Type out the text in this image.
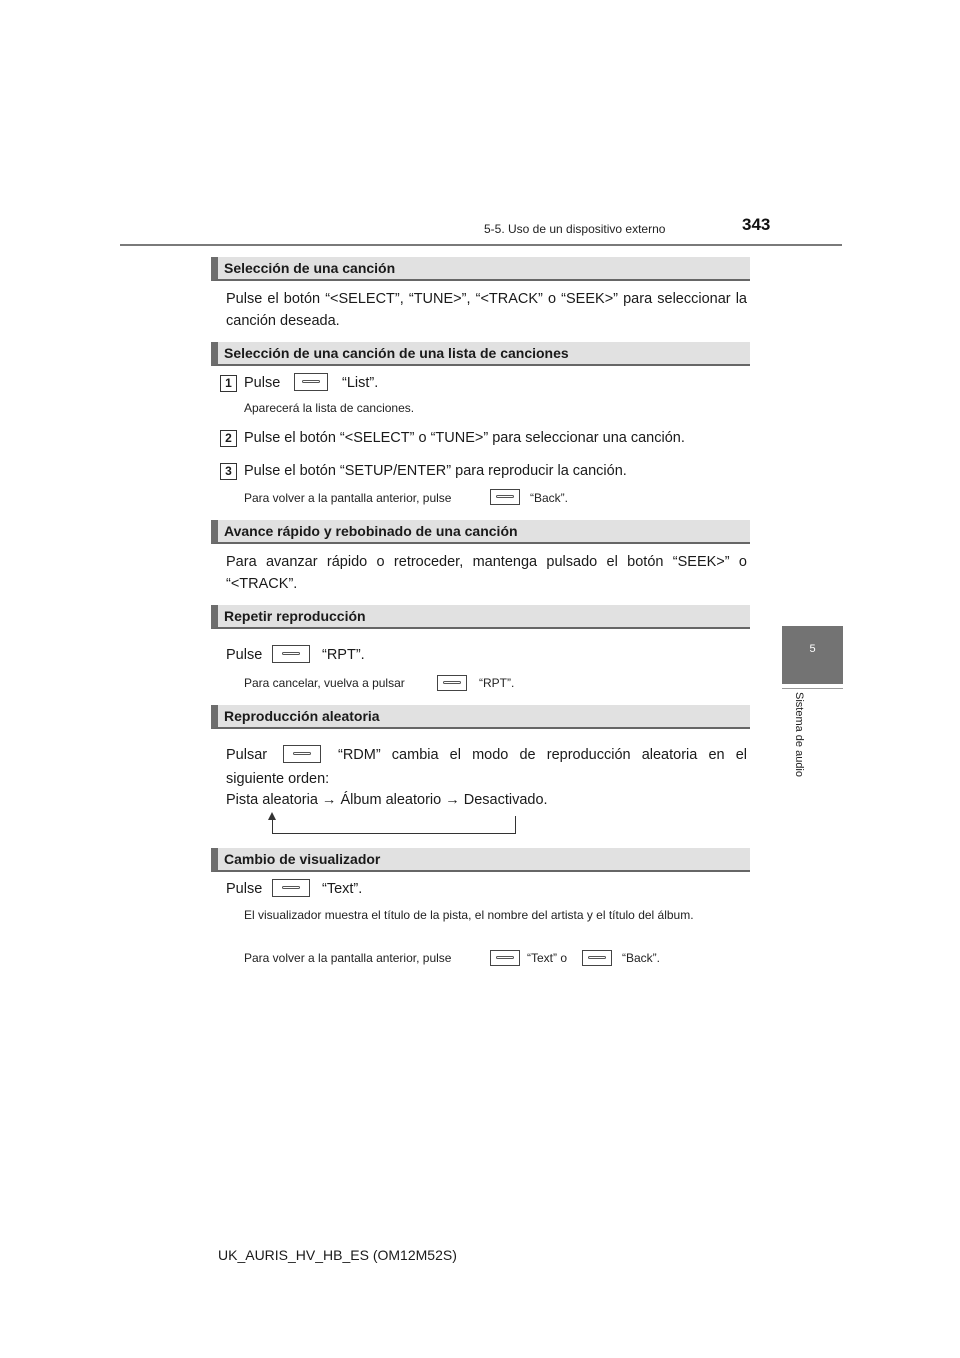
5-5. Uso de un dispositivo externo	343
5
Sistema de audio
Selección de una canción
Pulse el botón “<SELECT”, “TUNE>”, “<TRACK” o “SEEK>” para seleccionar la canción deseada.
Selección de una canción de una lista de canciones
1 Pulse	“List”.
Aparecerá la lista de canciones.
2 Pulse el botón “<SELECT” o “TUNE>” para seleccionar una canción.
3 Pulse el botón “SETUP/ENTER” para reproducir la canción.
Para volver a la pantalla anterior, pulse	“Back”.
Avance rápido y rebobinado de una canción
Para avanzar rápido o retroceder, mantenga pulsado el botón “SEEK>” o “<TRACK”.
Repetir reproducción
Pulse	“RPT”.
Para cancelar, vuelva a pulsar	“RPT”.
Reproducción aleatoria
Pulsar	“RDM” cambia el modo de reproducción aleatoria en el
siguiente orden:
Pista aleatoria → Álbum aleatorio → Desactivado.
Cambio de visualizador
Pulse	“Text”.
El visualizador muestra el título de la pista, el nombre del artista y el título del álbum.
Para volver a la pantalla anterior, pulse	“Text” o	“Back”.
UK_AURIS_HV_HB_ES (OM12M52S)
